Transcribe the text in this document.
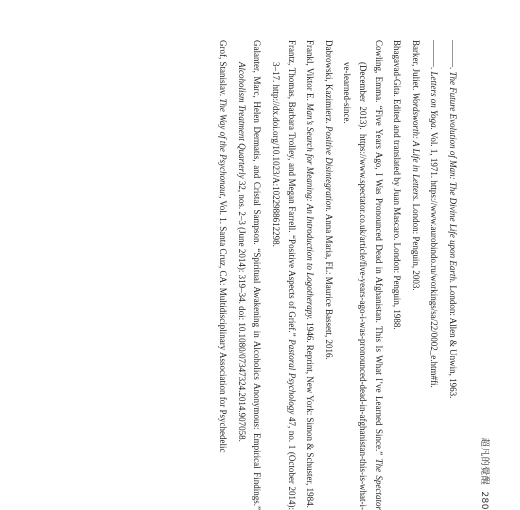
超凡的覺醒280

———. The Future Evolution of Man: The Divine Life upon Earth. London: Allen & Unwin, 1963.

———. Letters on Yoga. Vol. 1, 1971. https://www.aurobindo.ru/workings/sa/22/0002_e.htm#fi.

Barker, Juliet. Wordsworth: A Life in Letters. London: Penguin, 2003.

Bhagavad-Gita. Edited and translated by Juan Mascaro. London: Penguin, 1988.

Cowling, Emma. “Five Years Ago, I Was Pronounced Dead in Afghanistan. This Is What I’ve Learned Since.” The Spectator (December 2013). https://www.spectator.co.uk/article/five-years-ago-i-was-pronounced-dead-in-afghanistan-this-is-what-i-ve-learned-since.

Dabrowski, Kazimierz. Positive Disintegration. Anna Maria, FL: Maurice Bassett, 2016.

Frankl, Viktor E. Man’s Search for Meaning: An Introduction to Logotherapy. 1946. Reprint, New York: Simon & Schuster, 1984.

Frantz, Thomas, Barbara Trolley, and Megan Farrell. “Positive Aspects of Grief.” Pastoral Psychology 47, no. 1 (October 2014): 3–17. http://dx.doi.org/10.1023/A:1022988612298.

Galanter, Marc, Helen Dermatis, and Cristal Sampson. “Spiritual Awakening in Alcoholics Anonymous: Empirical Findings.” Alcoholism Treatment Quarterly 32, nos. 2–3 (June 2014): 319–34. doi: 10.1080/07347324.2014.907058.

Grof, Stanislav. The Way of the Psychonaut, Vol. 1. Santa Cruz, CA: Multidisciplinary Association for Psychedelic
